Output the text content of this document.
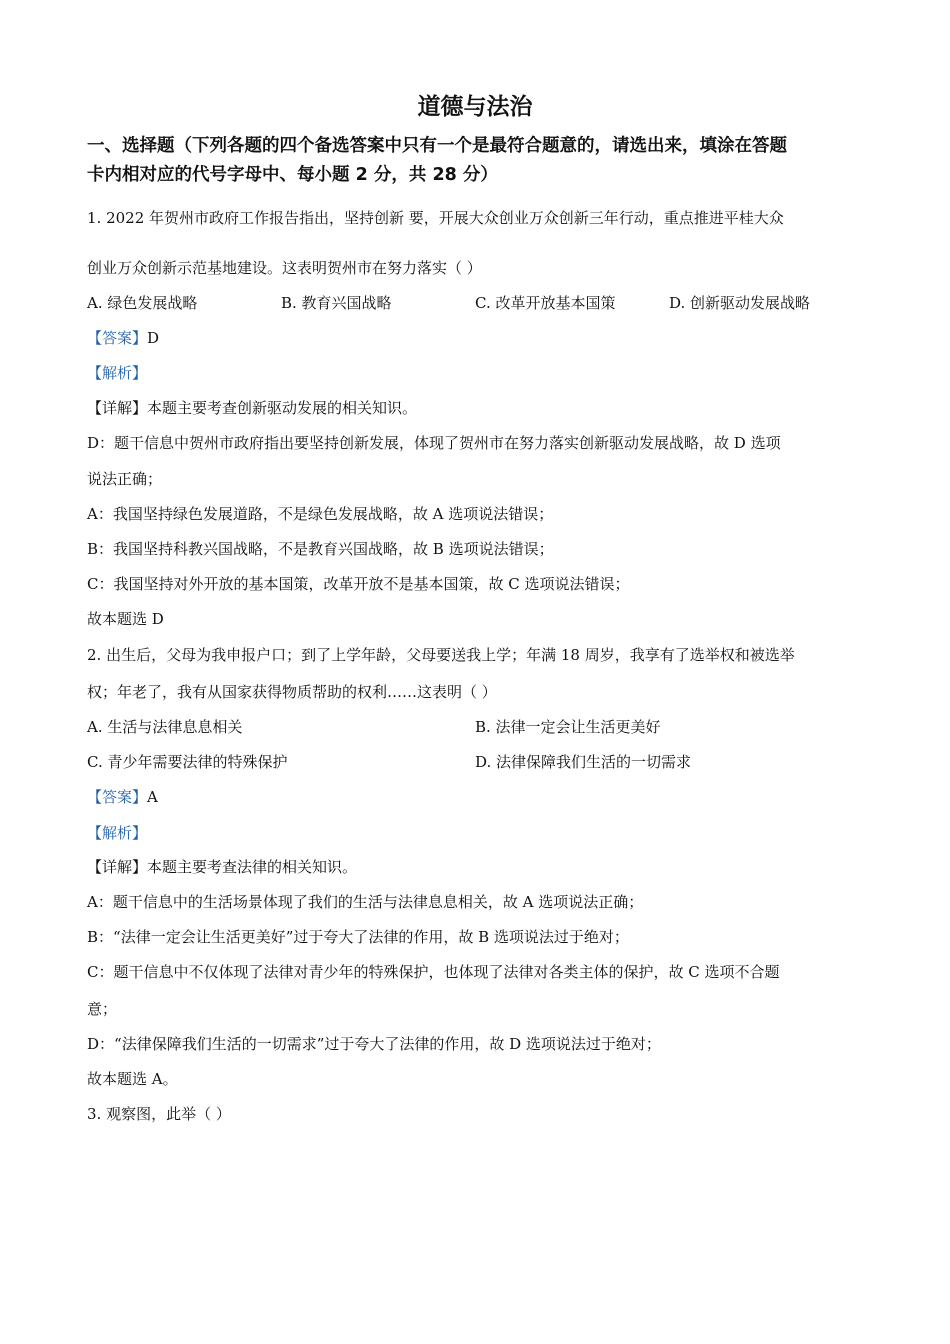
道德与法治
一、选择题（下列各题的四个备选答案中只有一个是最符合题意的，请选出来，填涂在答题
卡内相对应的代号字母中、每小题 2 分，共 28 分）
1. 2022 年贺州市政府工作报告指出，坚持创新 要，开展大众创业万众创新三年行动，重点推进平桂大众
创业万众创新示范基地建设。这表明贺州市在努力落实（ ）
A. 绿色发展战略	B. 教育兴国战略	C. 改革开放基本国策	D. 创新驱动发展战略
【答案】D
【解析】
【详解】本题主要考查创新驱动发展的相关知识。
D：题干信息中贺州市政府指出要坚持创新发展，体现了贺州市在努力落实创新驱动发展战略，故 D 选项
说法正确；
A：我国坚持绿色发展道路，不是绿色发展战略，故 A 选项说法错误；
B：我国坚持科教兴国战略，不是教育兴国战略，故 B 选项说法错误；
C：我国坚持对外开放的基本国策，改革开放不是基本国策，故 C 选项说法错误；
故本题选 D
2. 出生后，父母为我申报户口；到了上学年龄，父母要送我上学；年满 18 周岁，我享有了选举权和被选举
权；年老了，我有从国家获得物质帮助的权利……这表明（ ）
A. 生活与法律息息相关	B. 法律一定会让生活更美好
C. 青少年需要法律的特殊保护	D. 法律保障我们生活的一切需求
【答案】A
【解析】
【详解】本题主要考查法律的相关知识。
A：题干信息中的生活场景体现了我们的生活与法律息息相关，故 A 选项说法正确；
B：“法律一定会让生活更美好”过于夸大了法律的作用，故 B 选项说法过于绝对；
C：题干信息中不仅体现了法律对青少年的特殊保护，也体现了法律对各类主体的保护，故 C 选项不合题
意；
D：“法律保障我们生活的一切需求”过于夸大了法律的作用，故 D 选项说法过于绝对；
故本题选 A。
3. 观察图，此举（ ）
